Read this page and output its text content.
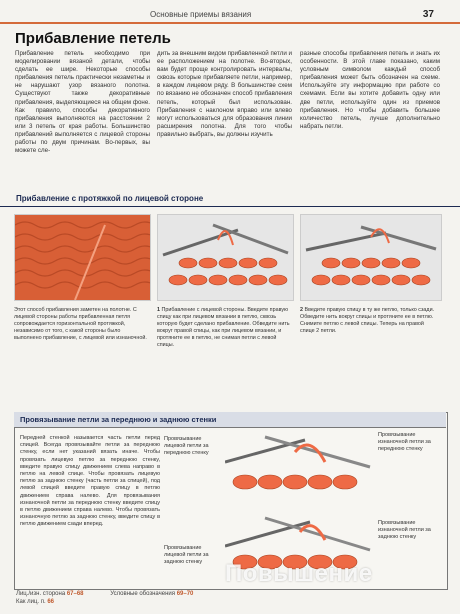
Основные приемы вязания	37
Прибавление петель

Прибавление петель необходимо при моделировании вязаной детали, чтобы сделать ее шире. Некоторые способы прибавления петель практически незаметны и не нарушают узор вязаного полотна. Существуют также декоративные прибавления, выделяющиеся на общем фоне. Как правило, способы декоративного прибавления выполняются на расстоянии 2 или 3 петель от края работы. Большинство прибавлений выполняется с лицевой стороны работы по двум причинам. Во-первых, вы можете сле-

дить за внешним видом прибавленной петли и ее расположением на полотне. Во-вторых, вам будет проще контролировать интервалы, сквозь которые прибавляете петли, например, в каждом лицевом ряду. В большинстве схем по вязанию не обозначен способ прибавления петель, который был использован. Прибавления с наклоном вправо или влево могут использоваться для образования линии расширения полотна. Для того чтобы правильно выбрать, вы должны изучить

разные способы прибавления петель и знать их особенности. В этой главе показано, каким условным символом каждый способ прибавления может быть обозначен на схеме. Используйте эту информацию при работе со схемами. Если вы хотите добавить одну или две петли, используйте один из приемов прибавления. Но чтобы добавить большее количество петель, лучше дополнительно набрать петли.

Прибавление с протяжкой по лицевой стороне
Этот способ прибавления заметен на полотне. С лицевой стороны работы прибавленная петля сопровождается горизонтальной протяжкой, независимо от того, с какой стороны было выполнено прибавление, с лицевой или изнаночной.
1 Прибавление с лицевой стороны. Введите правую спицу как при лицевом вязании в петлю, сквозь которую будет сделано прибавление. Обведите нить вокруг правой спицы, как при лицевом вязании, и протяните ее в петлю, не снимая петли с левой спицы.
2 Введите правую спицу в ту же петлю, только сзади. Обведите нить вокруг спицы и протяните ее в петлю. Снимите петлю с левой спицы. Теперь на правой спице 2 петли.
Провязывание петли за переднюю и заднюю стенки
Передней стенкой называется часть петли перед спицей. Всегда провязывайте петли за переднюю стенку, если нет указаний вязать иначе. Чтобы провязать лицевую петлю за переднюю стенку, введите правую спицу движением слева направо в петлю на левой спице. Чтобы провязать лицевую петлю за заднюю стенку (часть петли за спицей), под левой спицей введите правую спицу в петлю движением справа налево. Для провязывания изнаночной петли за переднюю стенку введите спицу в петлю движением справа налево. Чтобы провязать изнаночную петлю за заднюю стенку, введите спицу в петлю движением сзади вперед.
Провязывание лицевой петли за переднюю стенку
Провязывание лицевой петли за заднюю стенку
Провязывание изнаночной петли за переднюю стенку
Провязывание изнаночной петли за заднюю стенку
Повышение
Лиц./изн. сторона 67–68	Условные обозначения 69–70
Как лиц. п. 66
